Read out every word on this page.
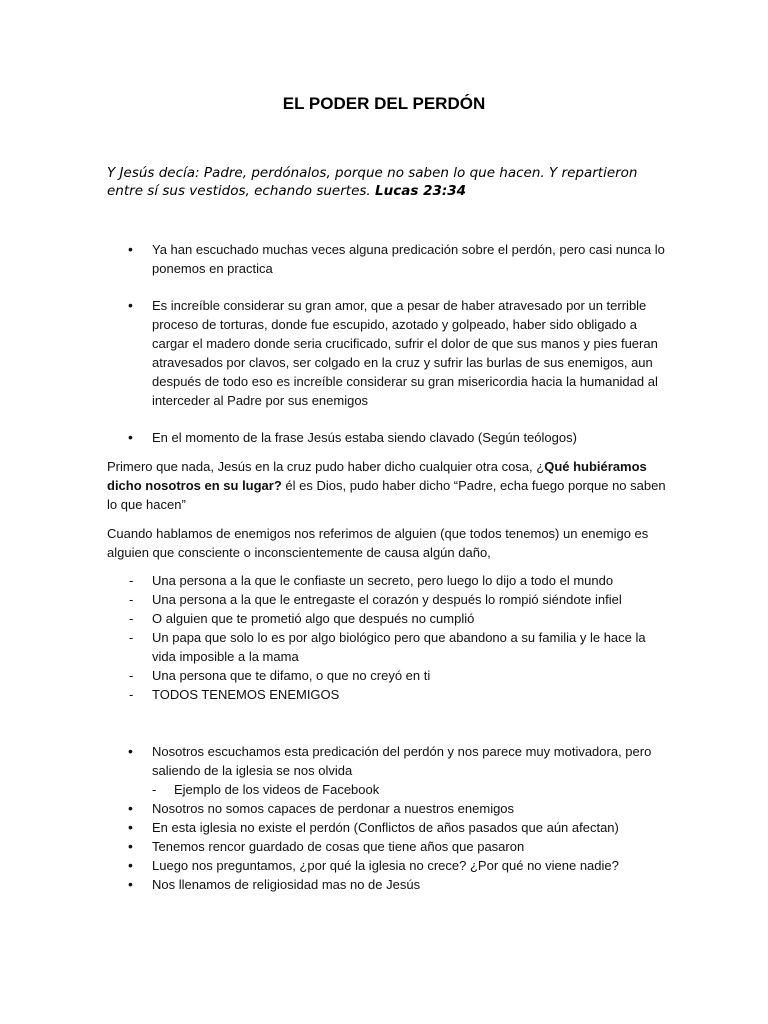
EL PODER DEL PERDÓN
Y Jesús decía: Padre, perdónalos, porque no saben lo que hacen. Y repartieron entre sí sus vestidos, echando suertes. Lucas 23:34
• Ya han escuchado muchas veces alguna predicación sobre el perdón, pero casi nunca lo ponemos en practica
• Es increíble considerar su gran amor, que a pesar de haber atravesado por un terrible proceso de torturas, donde fue escupido, azotado y golpeado, haber sido obligado a cargar el madero donde seria crucificado, sufrir el dolor de que sus manos y pies fueran atravesados por clavos, ser colgado en la cruz y sufrir las burlas de sus enemigos, aun después de todo eso es increíble considerar su gran misericordia hacia la humanidad al interceder al Padre por sus enemigos
• En el momento de la frase Jesús estaba siendo clavado (Según teólogos)

Primero que nada, Jesús en la cruz pudo haber dicho cualquier otra cosa, ¿Qué hubiéramos dicho nosotros en su lugar? él es Dios, pudo haber dicho “Padre, echa fuego porque no saben lo que hacen”

Cuando hablamos de enemigos nos referimos de alguien (que todos tenemos) un enemigo es alguien que consciente o inconscientemente de causa algún daño,

- Una persona a la que le confiaste un secreto, pero luego lo dijo a todo el mundo
- Una persona a la que le entregaste el corazón y después lo rompió siéndote infiel
- O alguien que te prometió algo que después no cumplió
- Un papa que solo lo es por algo biológico pero que abandono a su familia y le hace la vida imposible a la mama
- Una persona que te difamo, o que no creyó en ti
- TODOS TENEMOS ENEMIGOS
• Nosotros escuchamos esta predicación del perdón y nos parece muy motivadora, pero saliendo de la iglesia se nos olvida
- Ejemplo de los videos de Facebook
• Nosotros no somos capaces de perdonar a nuestros enemigos
• En esta iglesia no existe el perdón (Conflictos de años pasados que aún afectan)
• Tenemos rencor guardado de cosas que tiene años que pasaron
• Luego nos preguntamos, ¿por qué la iglesia no crece? ¿Por qué no viene nadie?
• Nos llenamos de religiosidad mas no de Jesús
